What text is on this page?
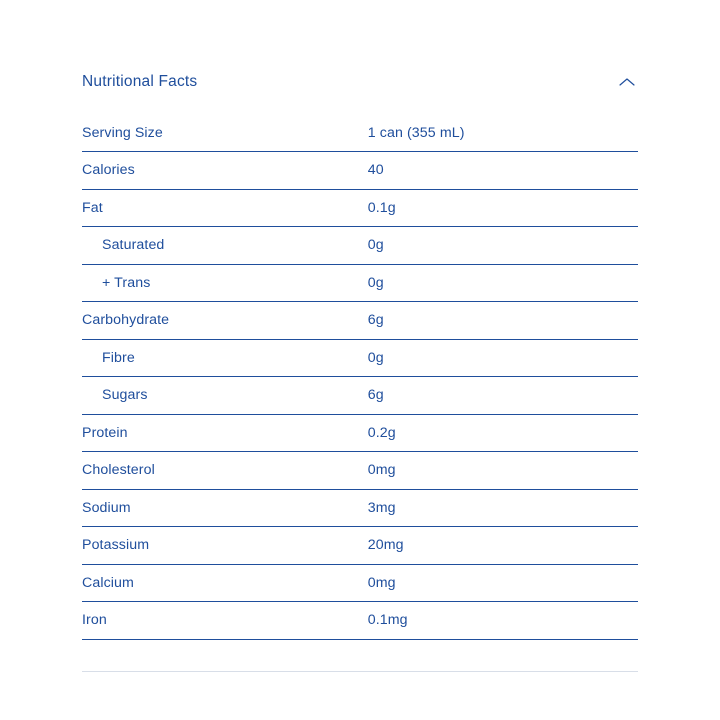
Nutritional Facts
Serving Size	1 can (355 mL)
Calories	40
Fat	0.1g
Saturated	0g
+ Trans	0g
Carbohydrate	6g
Fibre	0g
Sugars	6g
Protein	0.2g
Cholesterol	0mg
Sodium	3mg
Potassium	20mg
Calcium	0mg
Iron	0.1mg
